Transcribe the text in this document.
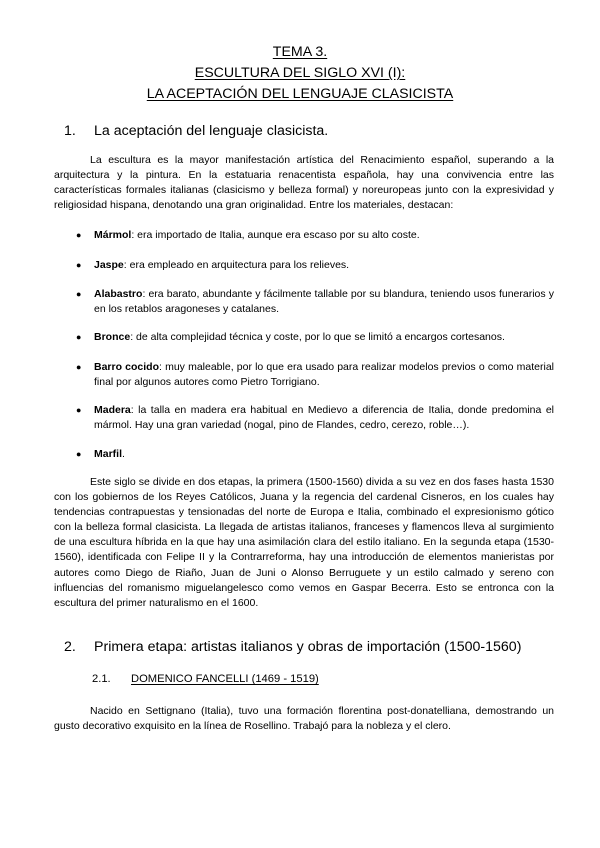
TEMA 3.
ESCULTURA DEL SIGLO XVI (I):
LA ACEPTACIÓN DEL LENGUAJE CLASICISTA
1. La aceptación del lenguaje clasicista.

La escultura es la mayor manifestación artística del Renacimiento español, superando a la arquitectura y la pintura. En la estatuaria renacentista española, hay una convivencia entre las características formales italianas (clasicismo y belleza formal) y noreuropeas junto con la expresividad y religiosidad hispana, denotando una gran originalidad. Entre los materiales, destacan:

● Mármol: era importado de Italia, aunque era escaso por su alto coste.
● Jaspe: era empleado en arquitectura para los relieves.
● Alabastro: era barato, abundante y fácilmente tallable por su blandura, teniendo usos funerarios y en los retablos aragoneses y catalanes.
● Bronce: de alta complejidad técnica y coste, por lo que se limitó a encargos cortesanos.
● Barro cocido: muy maleable, por lo que era usado para realizar modelos previos o como material final por algunos autores como Pietro Torrigiano.
● Madera: la talla en madera era habitual en Medievo a diferencia de Italia, donde predomina el mármol. Hay una gran variedad (nogal, pino de Flandes, cedro, cerezo, roble…).
● Marfil.

Este siglo se divide en dos etapas, la primera (1500-1560) divida a su vez en dos fases hasta 1530 con los gobiernos de los Reyes Católicos, Juana y la regencia del cardenal Cisneros, en los cuales hay tendencias contrapuestas y tensionadas del norte de Europa e Italia, combinado el expresionismo gótico con la belleza formal clasicista. La llegada de artistas italianos, franceses y flamencos lleva al surgimiento de una escultura híbrida en la que hay una asimilación clara del estilo italiano. En la segunda etapa (1530-1560), identificada con Felipe II y la Contrarreforma, hay una introducción de elementos manieristas por autores como Diego de Riaño, Juan de Juni o Alonso Berruguete y un estilo calmado y sereno con influencias del romanismo miguelangelesco como vemos en Gaspar Becerra. Esto se entronca con la escultura del primer naturalismo en el 1600.

2. Primera etapa: artistas italianos y obras de importación (1500-1560)
2.1. DOMENICO FANCELLI (1469 - 1519)

Nacido en Settignano (Italia), tuvo una formación florentina post-donatelliana, demostrando un gusto decorativo exquisito en la línea de Rosellino. Trabajó para la nobleza y el clero.
